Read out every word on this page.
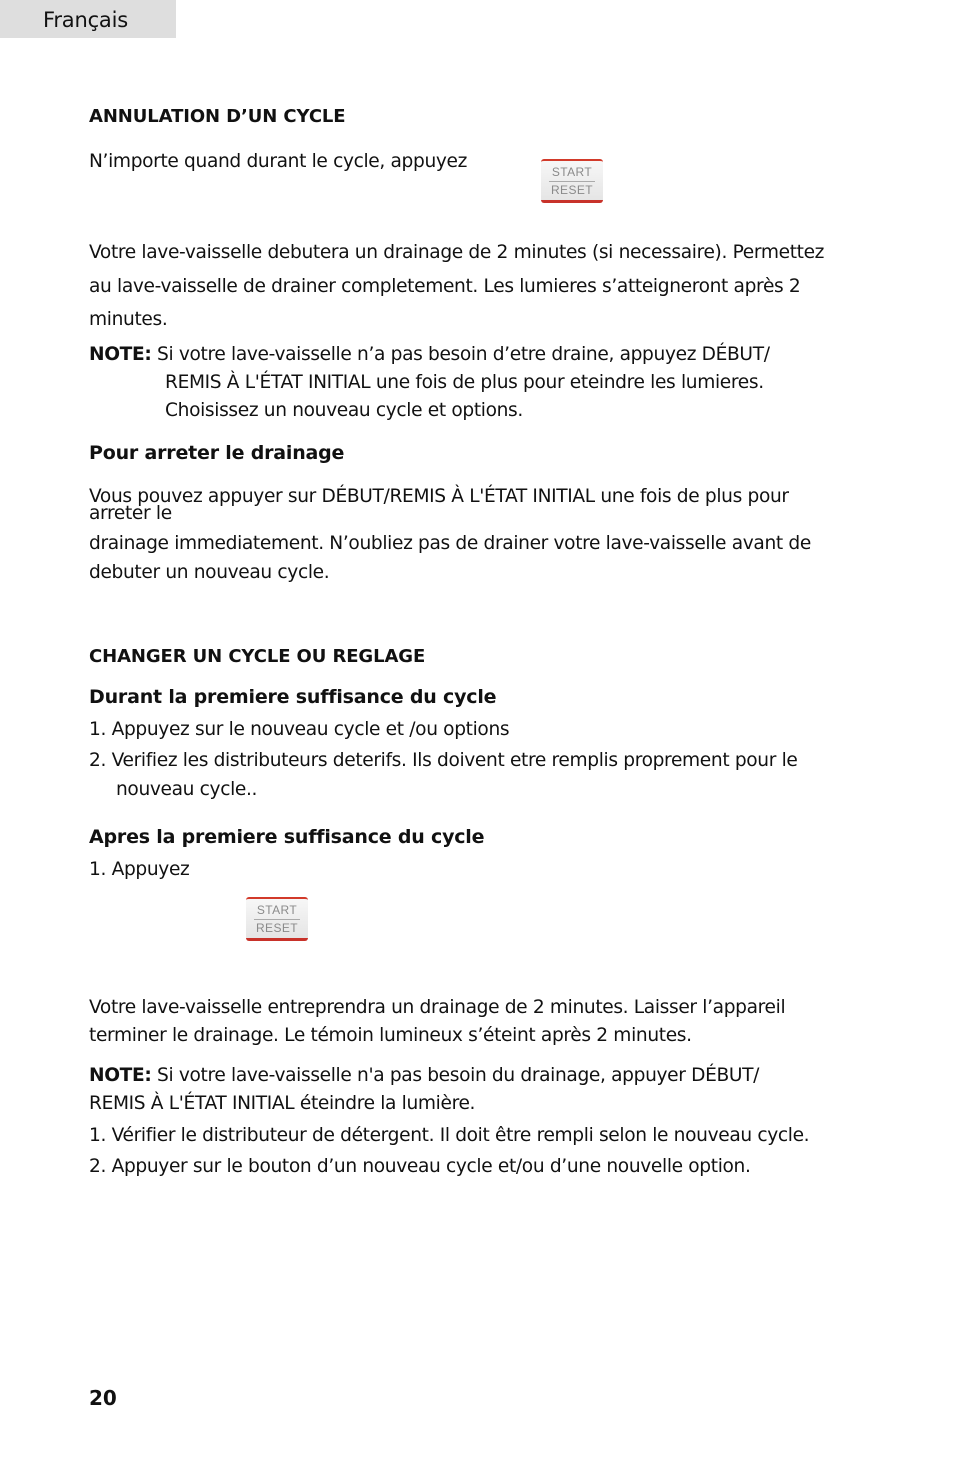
Français
ANNULATION D’UN CYCLE
N’importe quand durant le cycle, appuyez	START
RESET
Votre lave-vaisselle debutera un drainage de 2 minutes (si necessaire). Permettez
au lave-vaisselle de drainer completement. Les lumieres s’atteigneront après 2
minutes.
NOTE: Si votre lave-vaisselle n’a pas besoin d’etre draine, appuyez DÉBUT/
REMIS À L'ÉTAT INITIAL une fois de plus pour eteindre les lumieres.
Choisissez un nouveau cycle et options.
Pour arreter le drainage
Vous pouvez appuyer sur DÉBUT/REMIS À L'ÉTAT INITIAL une fois de plus pour
arreter le
drainage immediatement. N’oubliez pas de drainer votre lave-vaisselle avant de
debuter un nouveau cycle.
CHANGER UN CYCLE OU REGLAGE
Durant la premiere suffisance du cycle
1. Appuyez sur le nouveau cycle et /ou options
2. Verifiez les distributeurs deterifs. Ils doivent etre remplis proprement pour le
nouveau cycle..
Apres la premiere suffisance du cycle
1. Appuyez
START
RESET
Votre lave-vaisselle entreprendra un drainage de 2 minutes. Laisser l’appareil
terminer le drainage. Le témoin lumineux s’éteint après 2 minutes.
NOTE: Si votre lave-vaisselle n'a pas besoin du drainage, appuyer DÉBUT/
REMIS À L'ÉTAT INITIAL éteindre la lumière.
1. Vérifier le distributeur de détergent. Il doit être rempli selon le nouveau cycle.
2. Appuyer sur le bouton d’un nouveau cycle et/ou d’une nouvelle option.
20
